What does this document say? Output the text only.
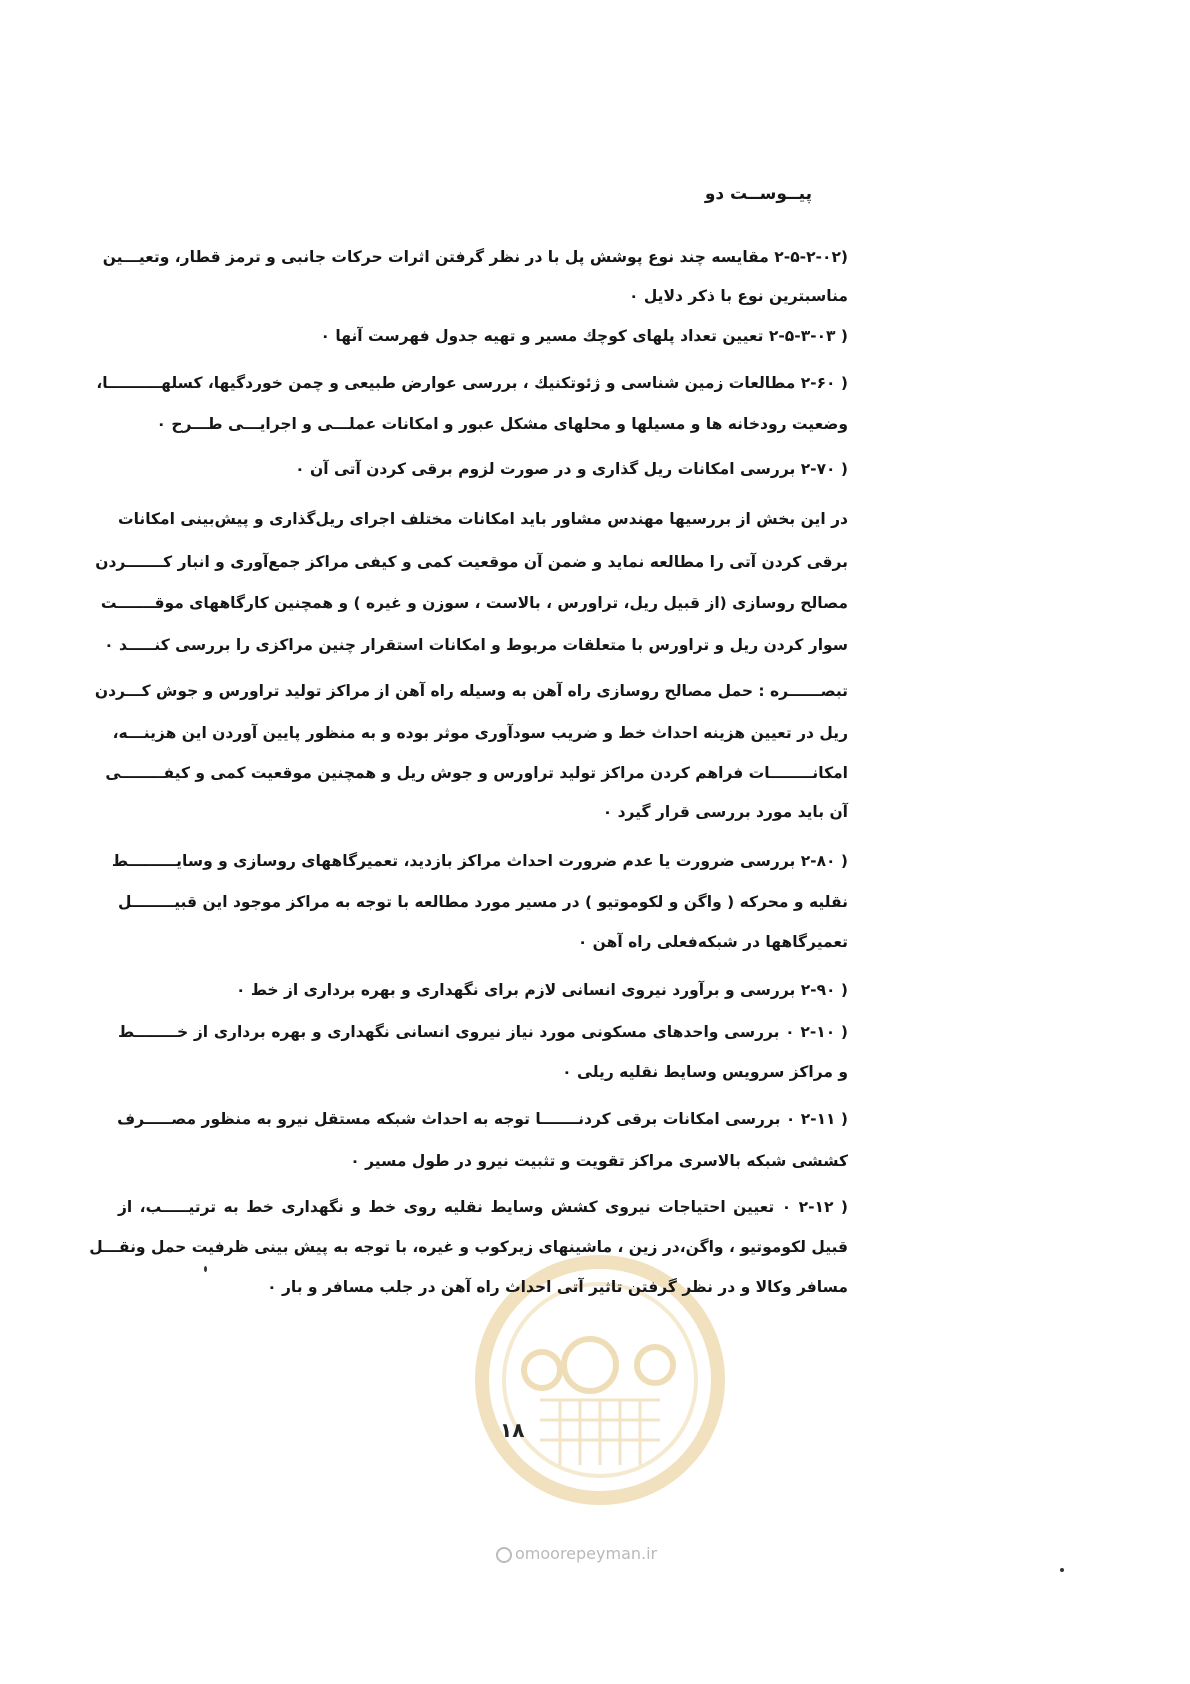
پیــوســت دو
(۲-۵-۲-۰۲ مقایسه چند نوع پوشش پل با در نظر گرفتن اثرات حرکات جانبی و ترمز قطار، وتعیـــین
مناسبترین نوع با ذکر دلایل ۰
( ۲-۵-۳-۰۳ تعیین تعداد پلهای کوچك مسیر و تهیه جدول فهرست آنها ۰
( ۲-۶۰ مطالعات زمین شناسی و ژئوتکنیك ، بررسی عوارض طبیعی و چمن خوردگیها، کسلهــــــــــا،
وضعیت رودخانه ها و مسیلها و محلهای مشکل عبور و امکانات عملـــی و اجرایـــی طـــرح ۰
( ۲-۷۰ بررسی امکانات ریل گذاری و در صورت لزوم برقی کردن آتی آن ۰
در این بخش از بررسیها مهندس مشاور باید امکانات مختلف اجرای ریل‌گذاری و پیش‌بینی امکانات
برقی کردن آتی را مطالعه نماید و ضمن آن موقعیت کمی و کیفی مراکز جمع‌آوری و انبار کـــــــردن
مصالح روسازی (از قبیل ریل، تراورس ، بالاست ، سوزن و غیره ) و همچنین کارگاههای موقـــــــت
سوار کردن ریل و تراورس با متعلقات مربوط و امکانات استقرار چنین مراکزی را بررسی کنـــــد ۰
تبصــــــره : حمل مصالح روسازی راه آهن به وسیله راه آهن از مراکز تولید تراورس و جوش کـــردن
ریل در تعیین هزینه احداث خط و ضریب سودآوری موثر بوده و به منظور پایین آوردن این هزینـــه،
امکانــــــــات فراهم کردن مراکز تولید تراورس و جوش ریل و همچنین موقعیت کمی و کیفــــــــی
آن باید مورد بررسی قرار گیرد ۰
( ۲-۸۰ بررسی ضرورت یا عدم ضرورت احداث مراکز بازدید، تعمیرگاههای روسازی و وسایـــــــــط
نقلیه و محرکه ( واگن و لکوموتیو ) در مسیر مورد مطالعه با توجه به مراکز موجود این قبیــــــــل
تعمیرگاهها در شبکه‌فعلی راه آهن ۰
( ۲-۹۰ بررسی و برآورد نیروی انسانی لازم برای نگهداری و بهره برداری از خط ۰
( ۲-۱۰ ۰ بررسی واحدهای مسکونی مورد نیاز نیروی انسانی نگهداری و بهره برداری از خــــــــط
و مراکز سرویس وسایط نقلیه ریلی ۰
( ۲-۱۱ ۰ بررسی امکانات برقی کردنـــــــا توجه به احداث شبکه مستقل نیرو به منظور مصـــــرف
کششی شبکه بالاسری مراکز تقویت و تثبیت نیرو در طول مسیر ۰
( ۲-۱۲ ۰ تعیین احتیاجات نیروی کشش وسایط نقلیه روی خط و نگهداری خط به ترتیـــــب، از
قبیل لکوموتیو ، واگن،در زین ، ماشینهای زیرکوب و غیره، با توجه به پیش بینی ظرفیت حمل ونقـــل
مسافر وکالا و در نظر گرفتن تاثیر آتی احداث راه آهن در جلب مسافر و بار ۰
۱۸
omoorepeyman.ir
